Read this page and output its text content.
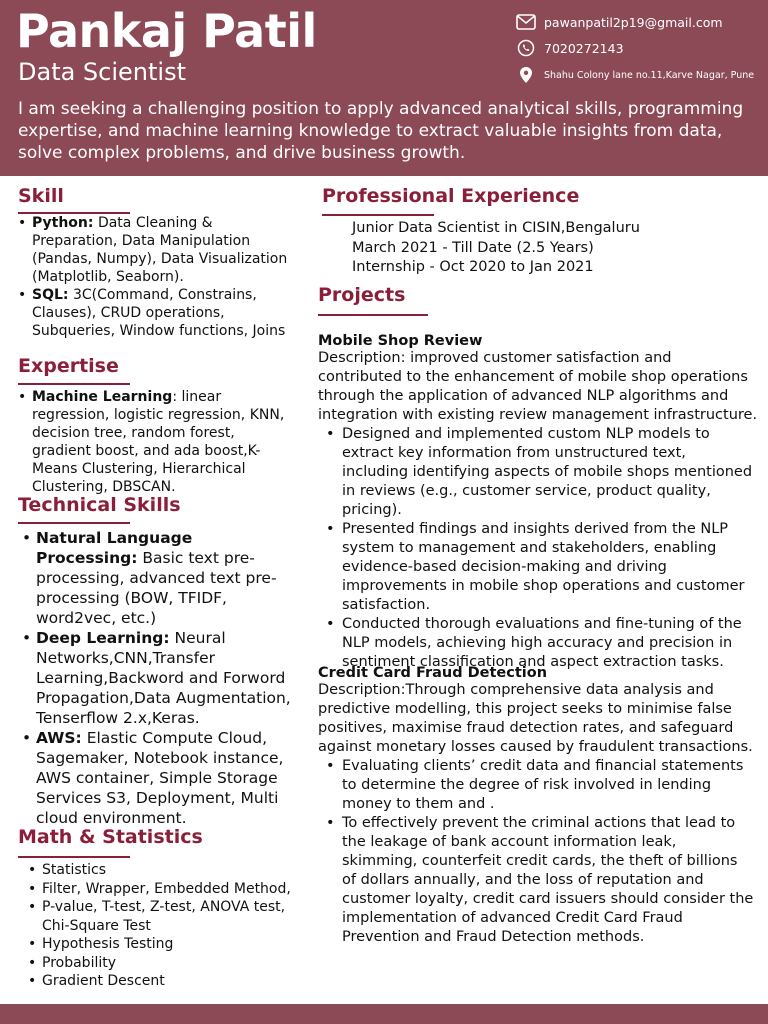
Pankaj Patil
Data Scientist
pawanpatil2p19@gmail.com
7020272143
Shahu Colony lane no.11,Karve Nagar, Pune
I am seeking a challenging position to apply advanced analytical skills, programming expertise, and machine learning knowledge to extract valuable insights from data, solve complex problems, and drive business growth.
Skill
• Python: Data Cleaning & Preparation, Data Manipulation (Pandas, Numpy), Data Visualization (Matplotlib, Seaborn).
• SQL: 3C(Command, Constrains, Clauses), CRUD operations, Subqueries, Window functions, Joins
Expertise
• Machine Learning: linear regression, logistic regression, KNN, decision tree, random forest, gradient boost, and ada boost,K-Means Clustering, Hierarchical Clustering, DBSCAN.
Technical Skills
• Natural Language Processing: Basic text pre-processing, advanced text pre-processing (BOW, TFIDF, word2vec, etc.)
• Deep Learning: Neural Networks,CNN,Transfer Learning,Backword and Forword Propagation,Data Augmentation, Tenserflow 2.x,Keras.
• AWS: Elastic Compute Cloud, Sagemaker, Notebook instance, AWS container, Simple Storage Services S3, Deployment, Multi cloud environment.
Math & Statistics
• Statistics
• Filter, Wrapper, Embedded Method,
• P-value, T-test, Z-test, ANOVA test, Chi-Square Test
• Hypothesis Testing
• Probability
• Gradient Descent
Professional Experience
Junior Data Scientist in CISIN,Bengaluru
March 2021 - Till Date (2.5 Years)
Internship - Oct 2020 to Jan 2021
Projects
Mobile Shop Review
Description: improved customer satisfaction and contributed to the enhancement of mobile shop operations through the application of advanced NLP algorithms and integration with existing review management infrastructure.
• Designed and implemented custom NLP models to extract key information from unstructured text, including identifying aspects of mobile shops mentioned in reviews (e.g., customer service, product quality, pricing).
• Presented findings and insights derived from the NLP system to management and stakeholders, enabling evidence-based decision-making and driving improvements in mobile shop operations and customer satisfaction.
• Conducted thorough evaluations and fine-tuning of the NLP models, achieving high accuracy and precision in sentiment classification and aspect extraction tasks.
Credit Card Fraud Detection
Description:Through comprehensive data analysis and predictive modelling, this project seeks to minimise false positives, maximise fraud detection rates, and safeguard against monetary losses caused by fraudulent transactions.
• Evaluating clients’ credit data and financial statements to determine the degree of risk involved in lending money to them and .
• To effectively prevent the criminal actions that lead to the leakage of bank account information leak, skimming, counterfeit credit cards, the theft of billions of dollars annually, and the loss of reputation and customer loyalty, credit card issuers should consider the implementation of advanced Credit Card Fraud Prevention and Fraud Detection methods.
